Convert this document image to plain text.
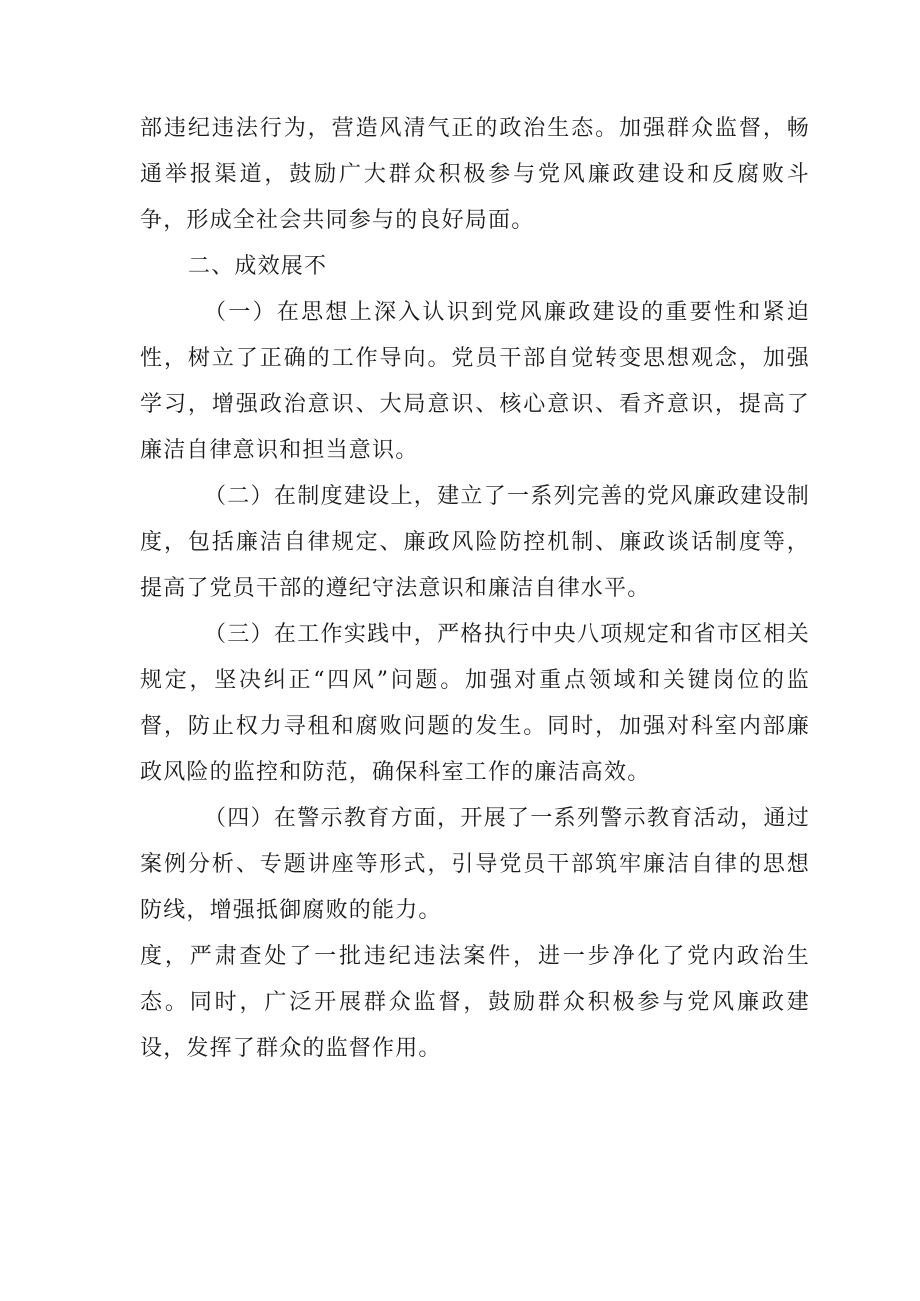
部违纪违法行为，营造风清气正的政治生态。加强群众监督，畅通举报渠道，鼓励广大群众积极参与党风廉政建设和反腐败斗争，形成全社会共同参与的良好局面。

二、成效展不

（一）在思想上深入认识到党风廉政建设的重要性和紧迫性，树立了正确的工作导向。党员干部自觉转变思想观念，加强学习，增强政治意识、大局意识、核心意识、看齐意识，提高了廉洁自律意识和担当意识。

（二）在制度建设上，建立了一系列完善的党风廉政建设制度，包括廉洁自律规定、廉政风险防控机制、廉政谈话制度等，提高了党员干部的遵纪守法意识和廉洁自律水平。

（三）在工作实践中，严格执行中央八项规定和省市区相关规定，坚决纠正“四风”问题。加强对重点领域和关键岗位的监督，防止权力寻租和腐败问题的发生。同时，加强对科室内部廉政风险的监控和防范，确保科室工作的廉洁高效。

（四）在警示教育方面，开展了一系列警示教育活动，通过案例分析、专题讲座等形式，引导党员干部筑牢廉洁自律的思想防线，增强抵御腐败的能力。

度，严肃查处了一批违纪违法案件，进一步净化了党内政治生态。同时，广泛开展群众监督，鼓励群众积极参与党风廉政建设，发挥了群众的监督作用。
